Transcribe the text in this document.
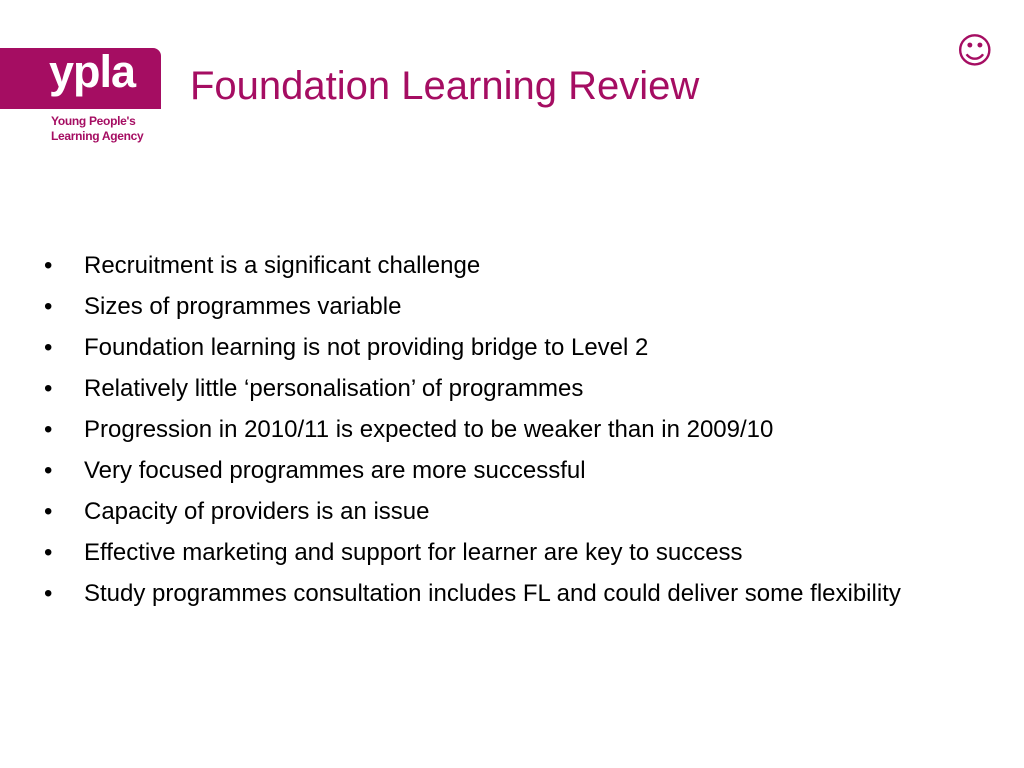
ypla
Young People's
Learning Agency
Foundation Learning Review
☺
• Recruitment is a significant challenge
• Sizes of programmes variable
• Foundation learning is not providing bridge to Level 2
• Relatively little ‘personalisation’ of programmes
• Progression in 2010/11 is expected to be weaker than in 2009/10
• Very focused programmes are more successful
• Capacity of providers is an issue
• Effective marketing and support for learner are key to success
• Study programmes consultation includes FL and could deliver some flexibility
